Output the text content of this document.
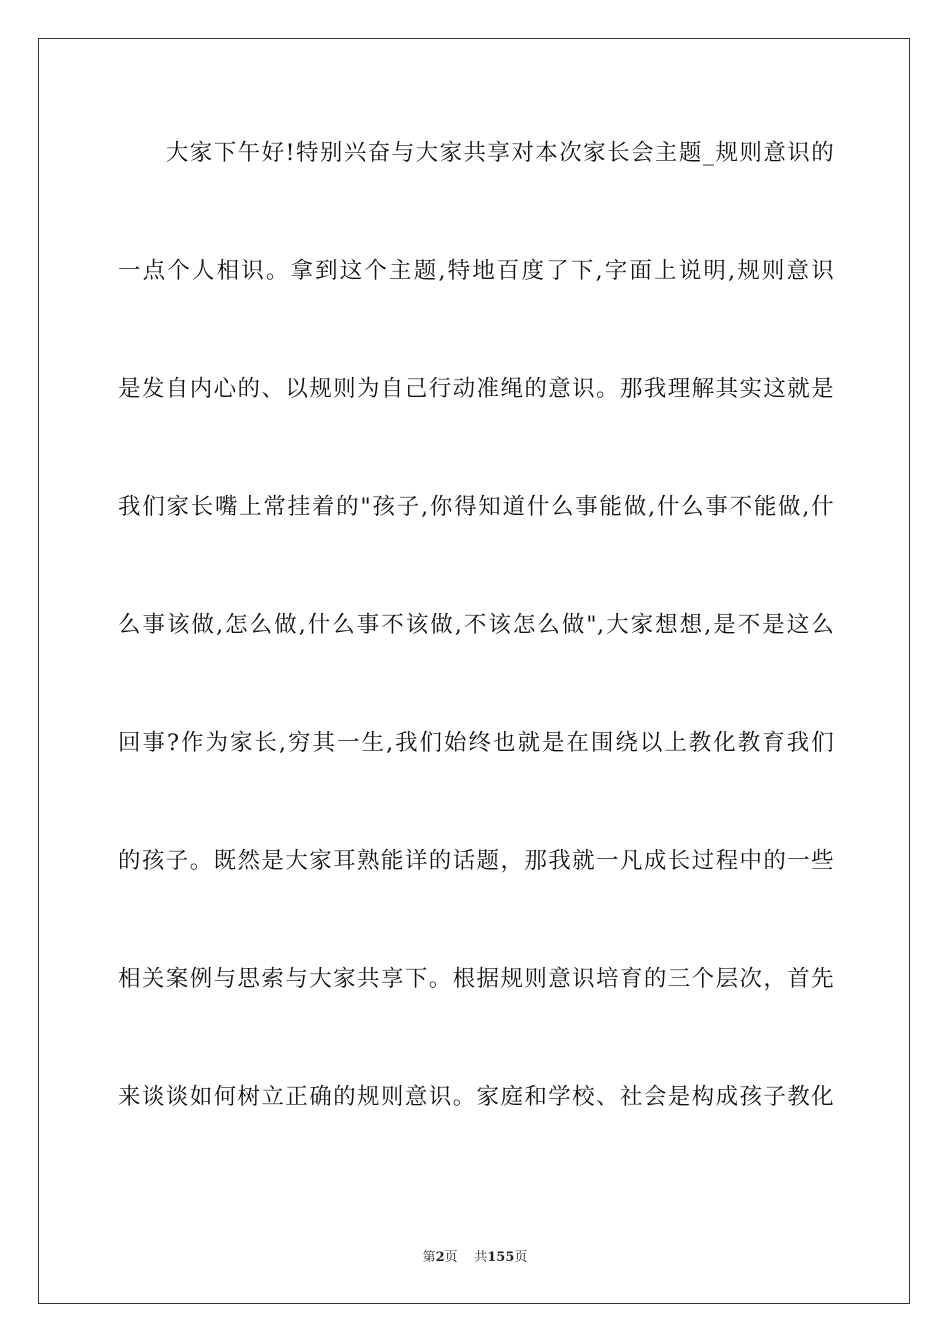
　　大家下午好!特别兴奋与大家共享对本次家长会主题_规则意识的
一点个人相识。拿到这个主题,特地百度了下,字面上说明,规则意识
是发自内心的、以规则为自己行动准绳的意识。那我理解其实这就是
我们家长嘴上常挂着的"孩子,你得知道什么事能做,什么事不能做,什
么事该做,怎么做,什么事不该做,不该怎么做",大家想想,是不是这么
回事?作为家长,穷其一生,我们始终也就是在围绕以上教化教育我们
的孩子。既然是大家耳熟能详的话题，那我就一凡成长过程中的一些
相关案例与思索与大家共享下。根据规则意识培育的三个层次，首先
来谈谈如何树立正确的规则意识。家庭和学校、社会是构成孩子教化
第2页 共155页
